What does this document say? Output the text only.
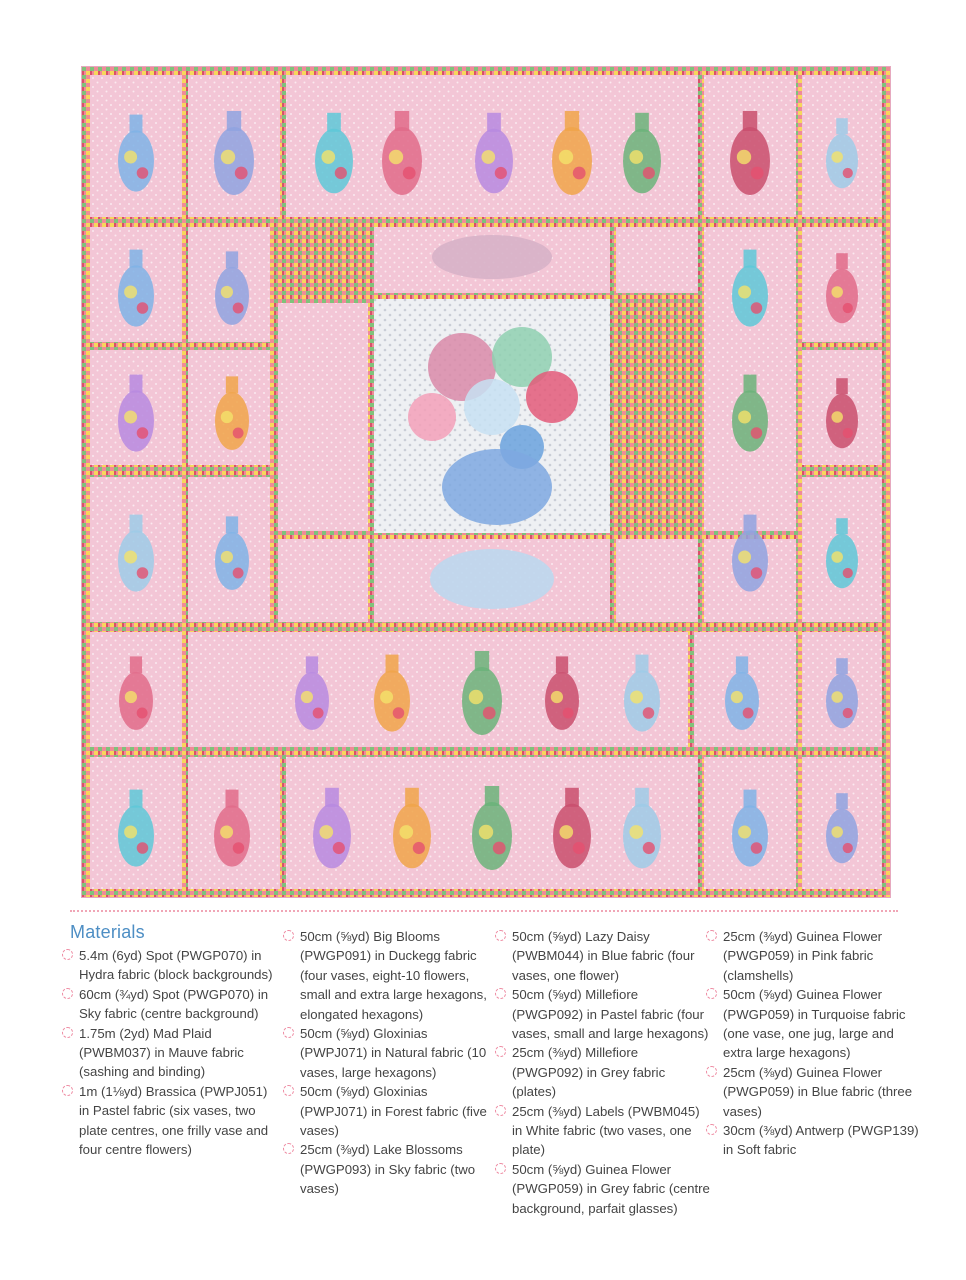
Materials
5.4m (6yd) Spot (PWGP070) in Hydra fabric (block backgrounds)
60cm (¾yd) Spot (PWGP070) in Sky fabric (centre background)
1.75m (2yd) Mad Plaid (PWBM037) in Mauve fabric (sashing and binding)
1m (1⅛yd) Brassica (PWPJ051) in Pastel fabric (six vases, two plate centres, one frilly vase and four centre flowers)
50cm (⅝yd) Big Blooms (PWGP091) in Duckegg fabric (four vases, eight-10 flowers, small and extra large hexagons, elongated hexagons)
50cm (⅝yd) Gloxinias (PWPJ071) in Natural fabric (10 vases, large hexagons)
50cm (⅝yd) Gloxinias (PWPJ071) in Forest fabric (five vases)
25cm (⅜yd) Lake Blossoms (PWGP093) in Sky fabric (two vases)
50cm (⅝yd) Lazy Daisy (PWBM044) in Blue fabric (four vases, one flower)
50cm (⅝yd) Millefiore (PWGP092) in Pastel fabric (four vases, small and large hexagons)
25cm (⅜yd) Millefiore (PWGP092) in Grey fabric (plates)
25cm (⅜yd) Labels (PWBM045) in White fabric (two vases, one plate)
50cm (⅝yd) Guinea Flower (PWGP059) in Grey fabric (centre background, parfait glasses)
25cm (⅜yd) Guinea Flower (PWGP059) in Pink fabric (clamshells)
50cm (⅝yd) Guinea Flower (PWGP059) in Turquoise fabric (one vase, one jug, large and extra large hexagons)
25cm (⅜yd) Guinea Flower (PWGP059) in Blue fabric (three vases)
30cm (⅜yd) Antwerp (PWGP139) in Soft fabric
